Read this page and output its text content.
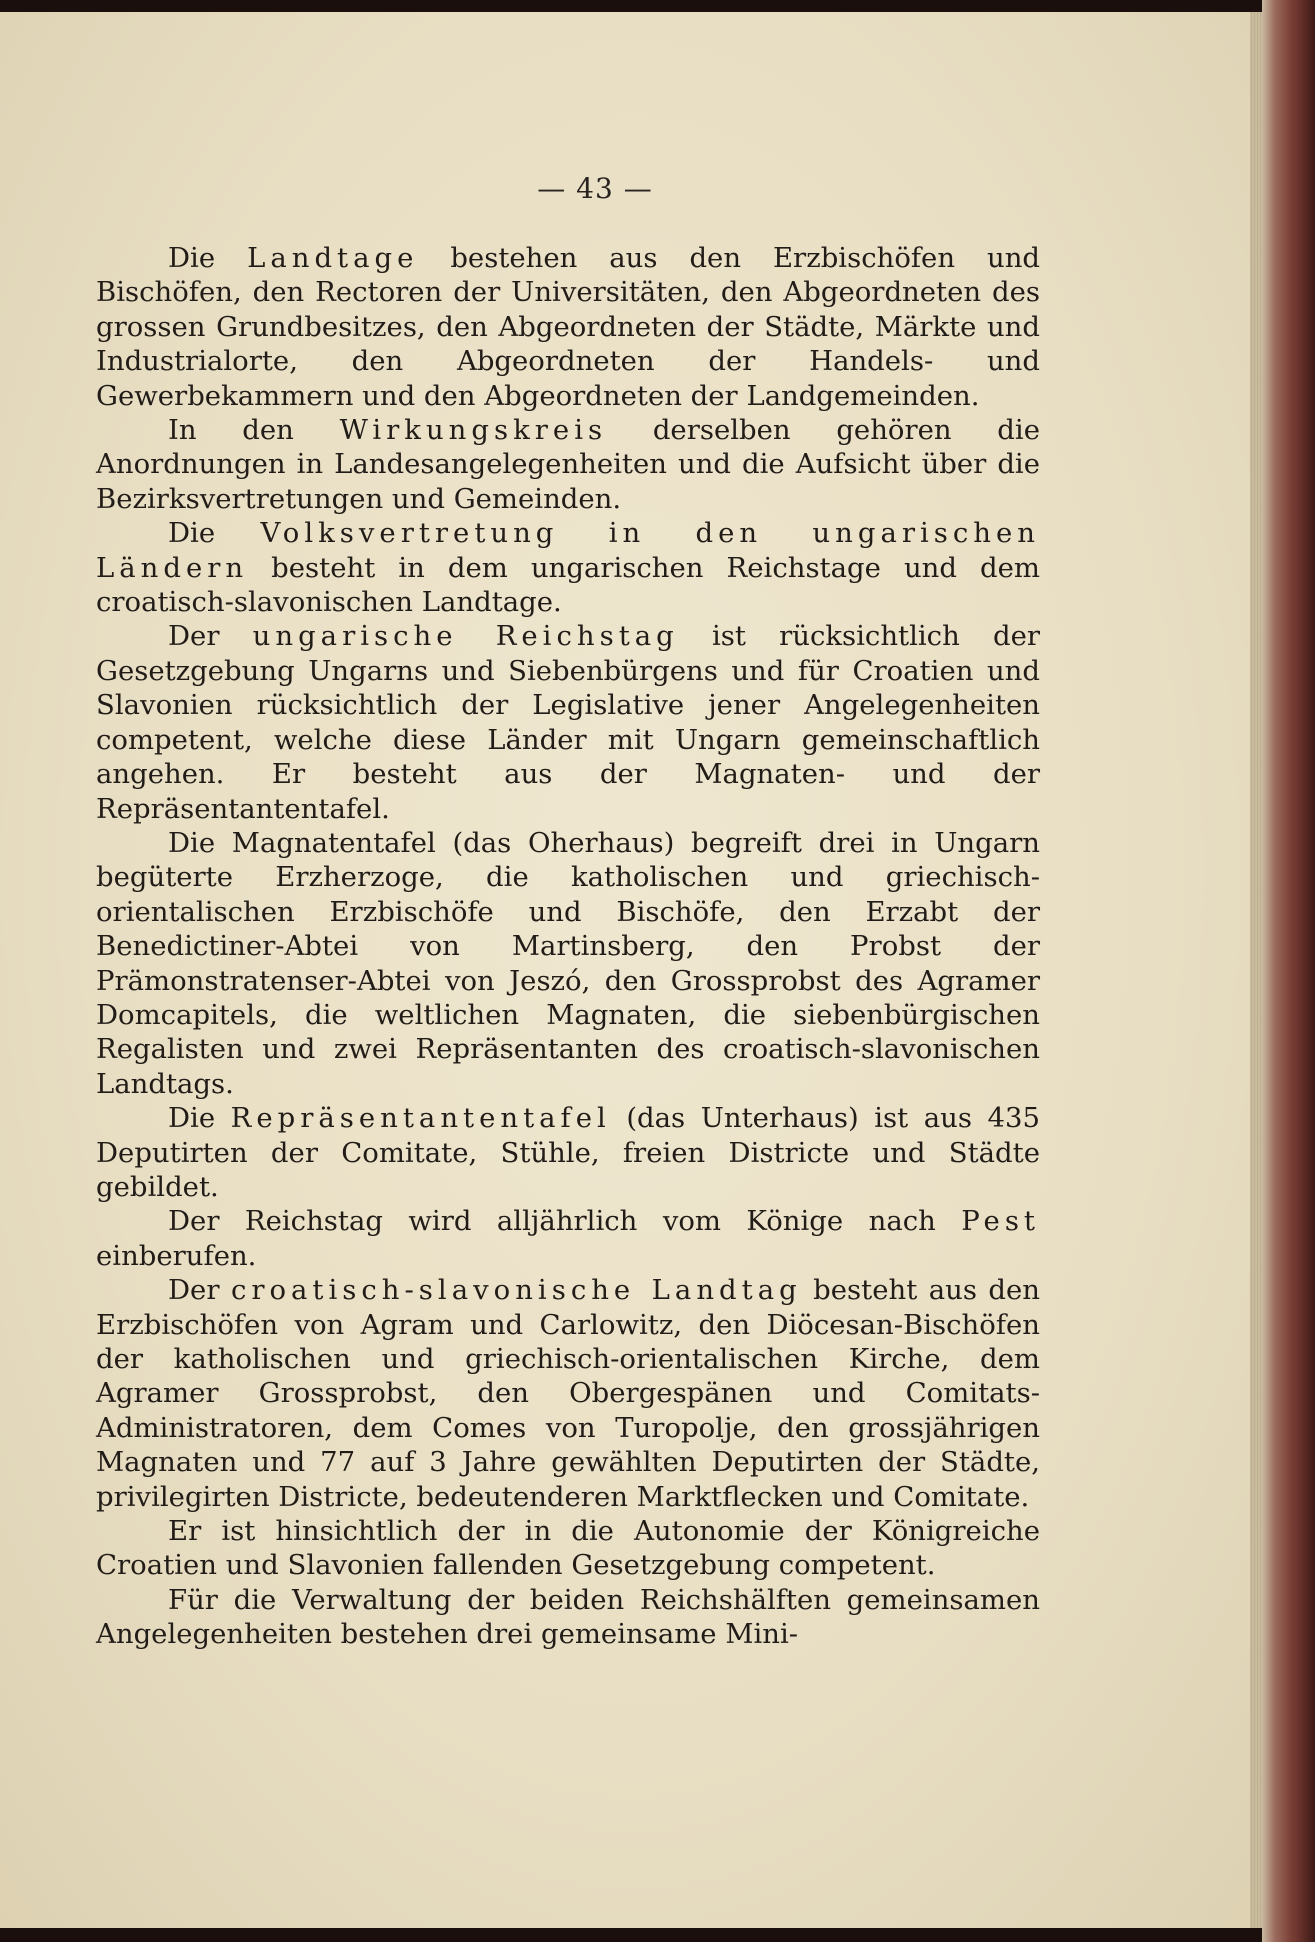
— 43 —

Die Landtage bestehen aus den Erzbischöfen und Bischöfen, den Rectoren der Universitäten, den Abgeordneten des grossen Grundbesitzes, den Abgeordneten der Städte, Märkte und Industrialorte, den Abgeordneten der Handels- und Gewerbekammern und den Abgeordneten der Landgemeinden.

In den Wirkungskreis derselben gehören die Anordnungen in Landesangelegenheiten und die Aufsicht über die Bezirksvertretungen und Gemeinden.

Die Volksvertretung in den ungarischen Ländern besteht in dem ungarischen Reichstage und dem croatisch-slavonischen Landtage.

Der ungarische Reichstag ist rücksichtlich der Gesetzgebung Ungarns und Siebenbürgens und für Croatien und Slavonien rücksichtlich der Legislative jener Angelegenheiten competent, welche diese Länder mit Ungarn gemeinschaftlich angehen. Er besteht aus der Magnaten- und der Repräsentantentafel.

Die Magnatentafel (das Oherhaus) begreift drei in Ungarn begüterte Erzherzoge, die katholischen und griechisch-orientalischen Erzbischöfe und Bischöfe, den Erzabt der Benedictiner-Abtei von Martinsberg, den Probst der Prämonstratenser-Abtei von Jeszó, den Grossprobst des Agramer Domcapitels, die weltlichen Magnaten, die siebenbürgischen Regalisten und zwei Repräsentanten des croatisch-slavonischen Landtags.

Die Repräsentantentafel (das Unterhaus) ist aus 435 Deputirten der Comitate, Stühle, freien Districte und Städte gebildet.

Der Reichstag wird alljährlich vom Könige nach Pest einberufen.

Der croatisch-slavonische Landtag besteht aus den Erzbischöfen von Agram und Carlowitz, den Diöcesan-Bischöfen der katholischen und griechisch-orientalischen Kirche, dem Agramer Grossprobst, den Obergespänen und Comitats-Administratoren, dem Comes von Turopolje, den grossjährigen Magnaten und 77 auf 3 Jahre gewählten Deputirten der Städte, privilegirten Districte, bedeutenderen Marktflecken und Comitate.

Er ist hinsichtlich der in die Autonomie der Königreiche Croatien und Slavonien fallenden Gesetzgebung competent.

Für die Verwaltung der beiden Reichshälften gemeinsamen Angelegenheiten bestehen drei gemeinsame Mini-
